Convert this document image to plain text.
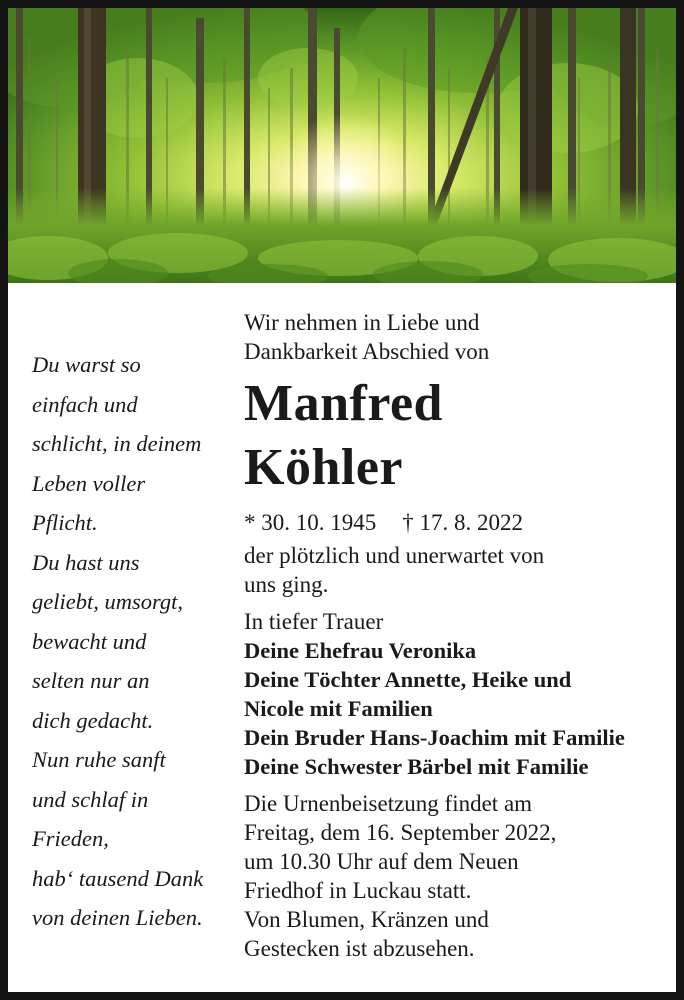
Du warst so
einfach und
schlicht, in deinem
Leben voller
Pflicht.
Du hast uns
geliebt, umsorgt,
bewacht und
selten nur an
dich gedacht.
Nun ruhe sanft
und schlaf in
Frieden,
hab‘ tausend Dank
von deinen Lieben.
Wir nehmen in Liebe und
Dankbarkeit Abschied von
Manfred
Köhler
* 30. 10. 1945 † 17. 8. 2022
der plötzlich und unerwartet von
uns ging.
In tiefer Trauer
Deine Ehefrau Veronika
Deine Töchter Annette, Heike und
Nicole mit Familien
Dein Bruder Hans-Joachim mit Familie
Deine Schwester Bärbel mit Familie
Die Urnenbeisetzung findet am
Freitag, dem 16. September 2022,
um 10.30 Uhr auf dem Neuen
Friedhof in Luckau statt.
Von Blumen, Kränzen und
Gestecken ist abzusehen.
